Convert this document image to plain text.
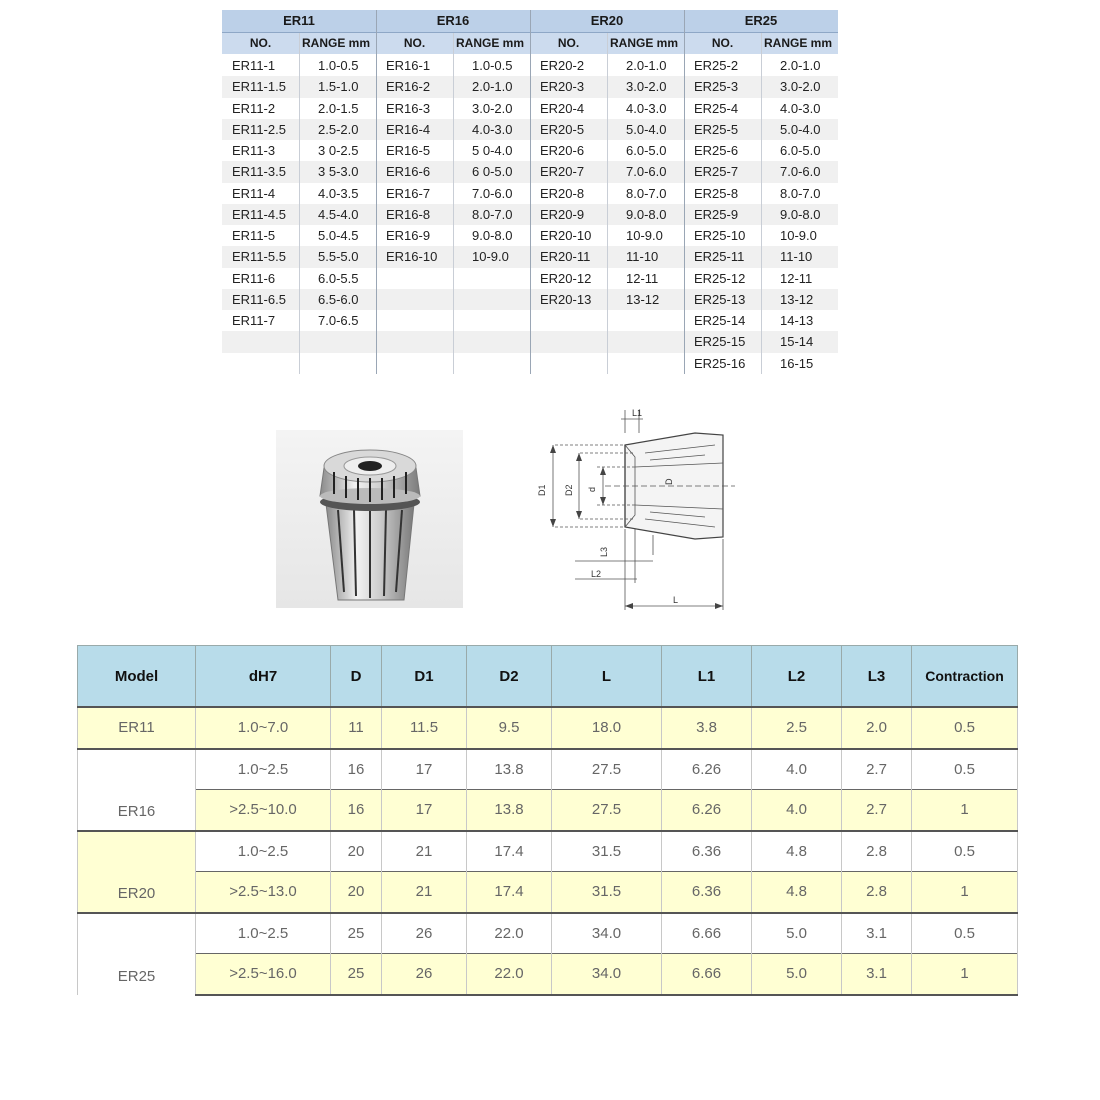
ER11
NO.	RANGE mm
ER11-1	1.0-0.5
ER11-1.5	1.5-1.0
ER11-2	2.0-1.5
ER11-2.5	2.5-2.0
ER11-3	3 0-2.5
ER11-3.5	3 5-3.0
ER11-4	4.0-3.5
ER11-4.5	4.5-4.0
ER11-5	5.0-4.5
ER11-5.5	5.5-5.0
ER11-6	6.0-5.5
ER11-6.5	6.5-6.0
ER11-7	7.0-6.5
ER16
NO.	RANGE mm
ER16-1	1.0-0.5
ER16-2	2.0-1.0
ER16-3	3.0-2.0
ER16-4	4.0-3.0
ER16-5	5 0-4.0
ER16-6	6 0-5.0
ER16-7	7.0-6.0
ER16-8	8.0-7.0
ER16-9	9.0-8.0
ER16-10	10-9.0
ER20
NO.	RANGE mm
ER20-2	2.0-1.0
ER20-3	3.0-2.0
ER20-4	4.0-3.0
ER20-5	5.0-4.0
ER20-6	6.0-5.0
ER20-7	7.0-6.0
ER20-8	8.0-7.0
ER20-9	9.0-8.0
ER20-10	10-9.0
ER20-11	11-10
ER20-12	12-11
ER20-13	13-12
ER25
NO.	RANGE mm
ER25-2	2.0-1.0
ER25-3	3.0-2.0
ER25-4	4.0-3.0
ER25-5	5.0-4.0
ER25-6	6.0-5.0
ER25-7	7.0-6.0
ER25-8	8.0-7.0
ER25-9	9.0-8.0
ER25-10	10-9.0
ER25-11	11-10
ER25-12	12-11
ER25-13	13-12
ER25-14	14-13
ER25-15	15-14
ER25-16	16-15
L1
D1 D2 d
D
L3
L2
L
Model	dH7	D	D1	D2	L	L1	L2	L3	Contraction
ER11	1.0~7.0	11	11.5	9.5	18.0	3.8	2.5	2.0	0.5
ER16	1.0~2.5	16	17	13.8	27.5	6.26	4.0	2.7	0.5
	>2.5~10.0	16	17	13.8	27.5	6.26	4.0	2.7	1
ER20	1.0~2.5	20	21	17.4	31.5	6.36	4.8	2.8	0.5
	>2.5~13.0	20	21	17.4	31.5	6.36	4.8	2.8	1
ER25	1.0~2.5	25	26	22.0	34.0	6.66	5.0	3.1	0.5
	>2.5~16.0	25	26	22.0	34.0	6.66	5.0	3.1	1
